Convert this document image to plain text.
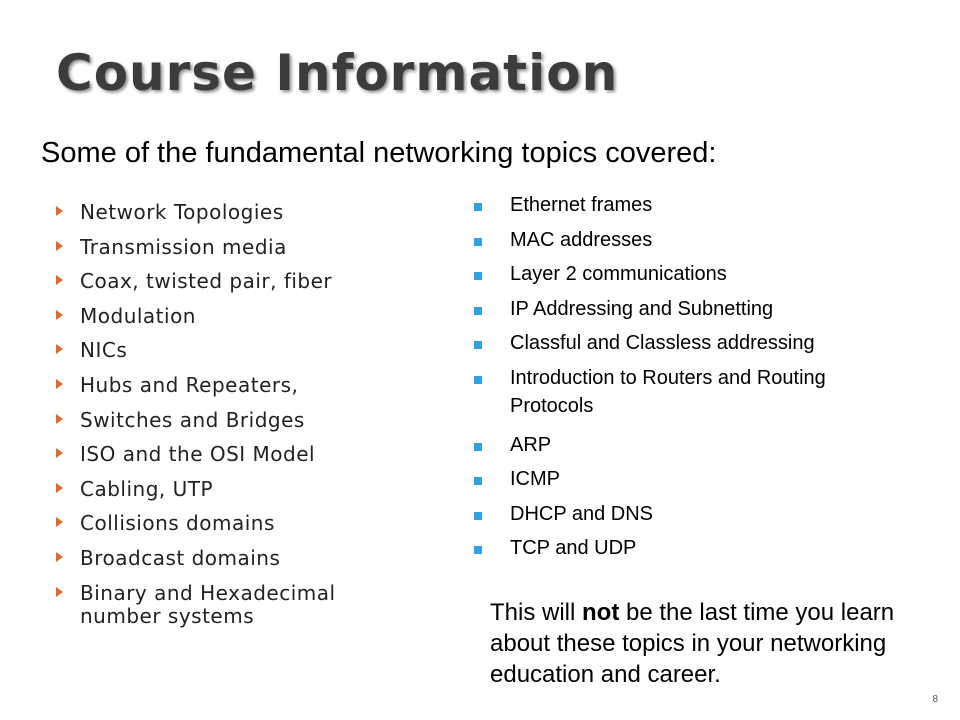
Course Information
Some of the fundamental networking topics covered:
Network Topologies
Transmission media
Coax, twisted pair, fiber
Modulation
NICs
Hubs and Repeaters,
Switches and Bridges
ISO and the OSI Model
Cabling, UTP
Collisions domains
Broadcast domains
Binary and Hexadecimal number systems
Ethernet frames
MAC addresses
Layer 2 communications
IP Addressing and Subnetting
Classful and Classless addressing
Introduction to Routers and Routing Protocols
ARP
ICMP
DHCP and DNS
TCP and UDP

This will not be the last time you learn about these topics in your networking education and career.

8
